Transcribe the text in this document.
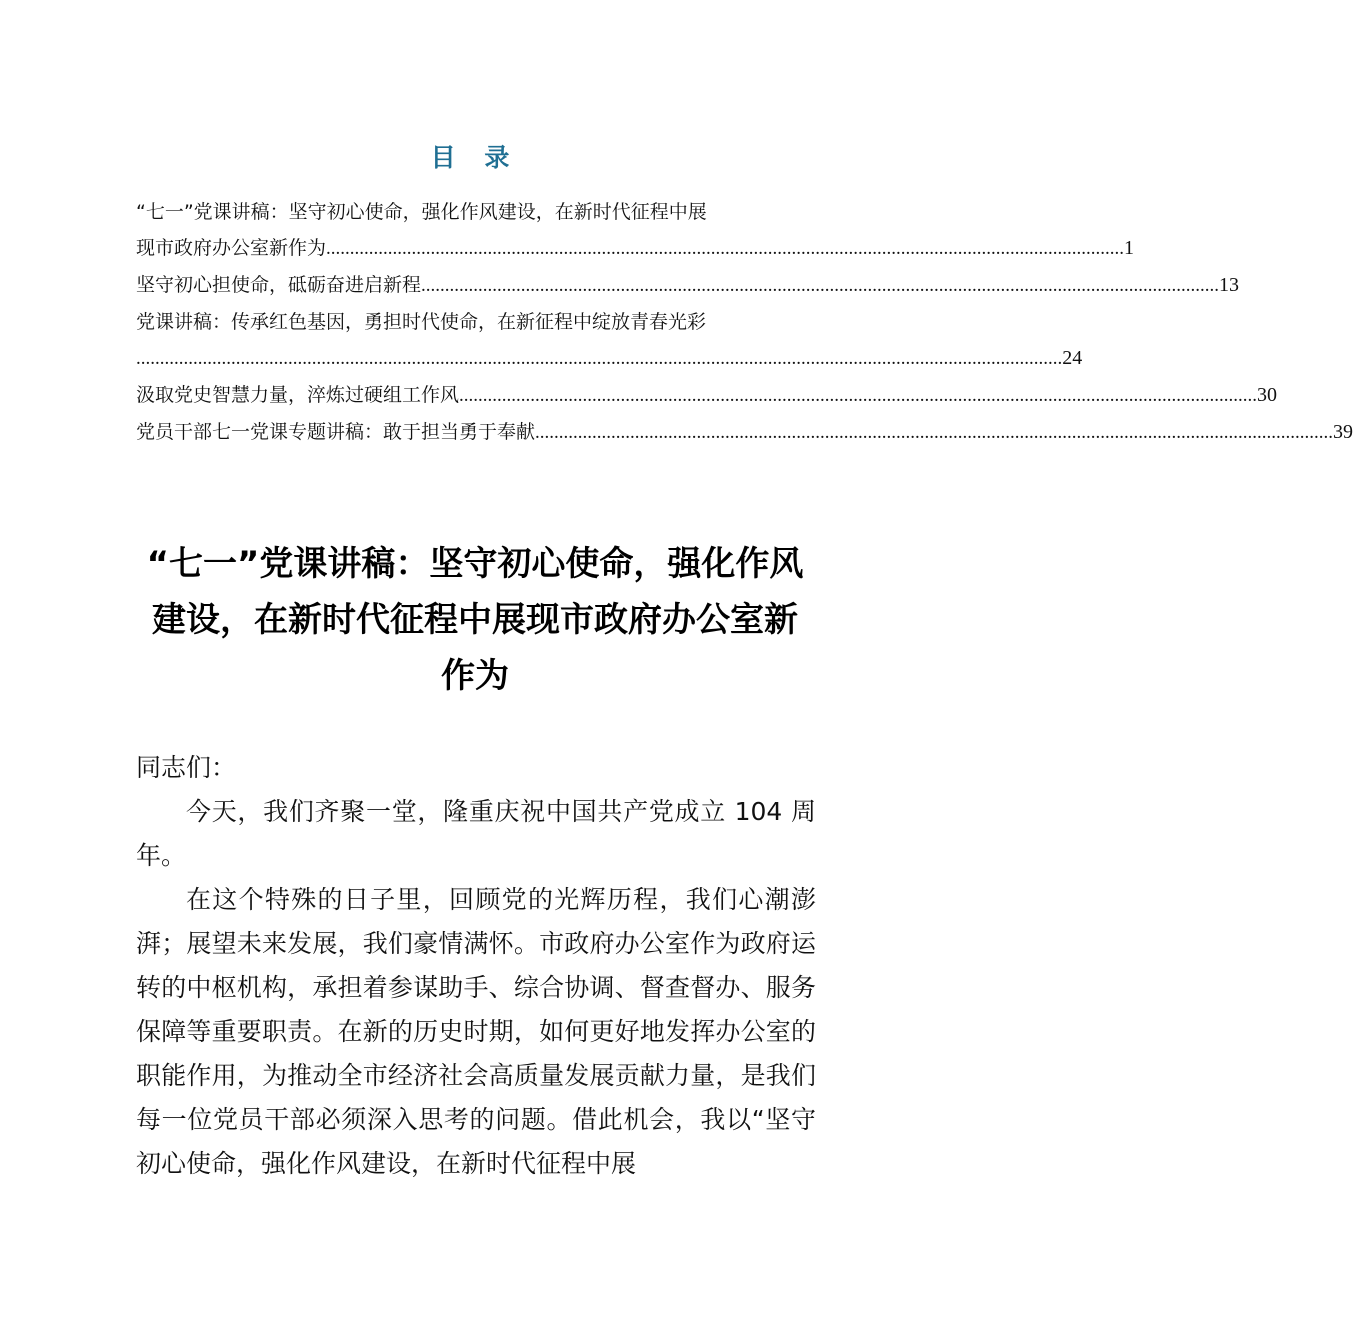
目 录
“七一”党课讲稿：坚守初心使命，强化作风建设，在新时代征程中展
现市政府办公室新作为 ........................................................................................................................................................................ 1
坚守初心担使命，砥砺奋进启新程 ........................................................................................................................................................................ 13
党课讲稿：传承红色基因，勇担时代使命，在新征程中绽放青春光彩
................................................................................................................................................................................................... 24
汲取党史智慧力量，淬炼过硬组工作风 ........................................................................................................................................................................ 30
党员干部七一党课专题讲稿：敢于担当勇于奉献 ........................................................................................................................................................................ 39
“七一”党课讲稿：坚守初心使命，强化作风
建设，在新时代征程中展现市政府办公室新
作为

同志们：

今天，我们齐聚一堂，隆重庆祝中国共产党成立 104 周年。

在这个特殊的日子里，回顾党的光辉历程，我们心潮澎湃；展望未来发展，我们豪情满怀。市政府办公室作为政府运转的中枢机构，承担着参谋助手、综合协调、督查督办、服务保障等重要职责。在新的历史时期，如何更好地发挥办公室的职能作用，为推动全市经济社会高质量发展贡献力量，是我们每一位党员干部必须深入思考的问题。借此机会，我以“坚守初心使命，强化作风建设，在新时代征程中展
